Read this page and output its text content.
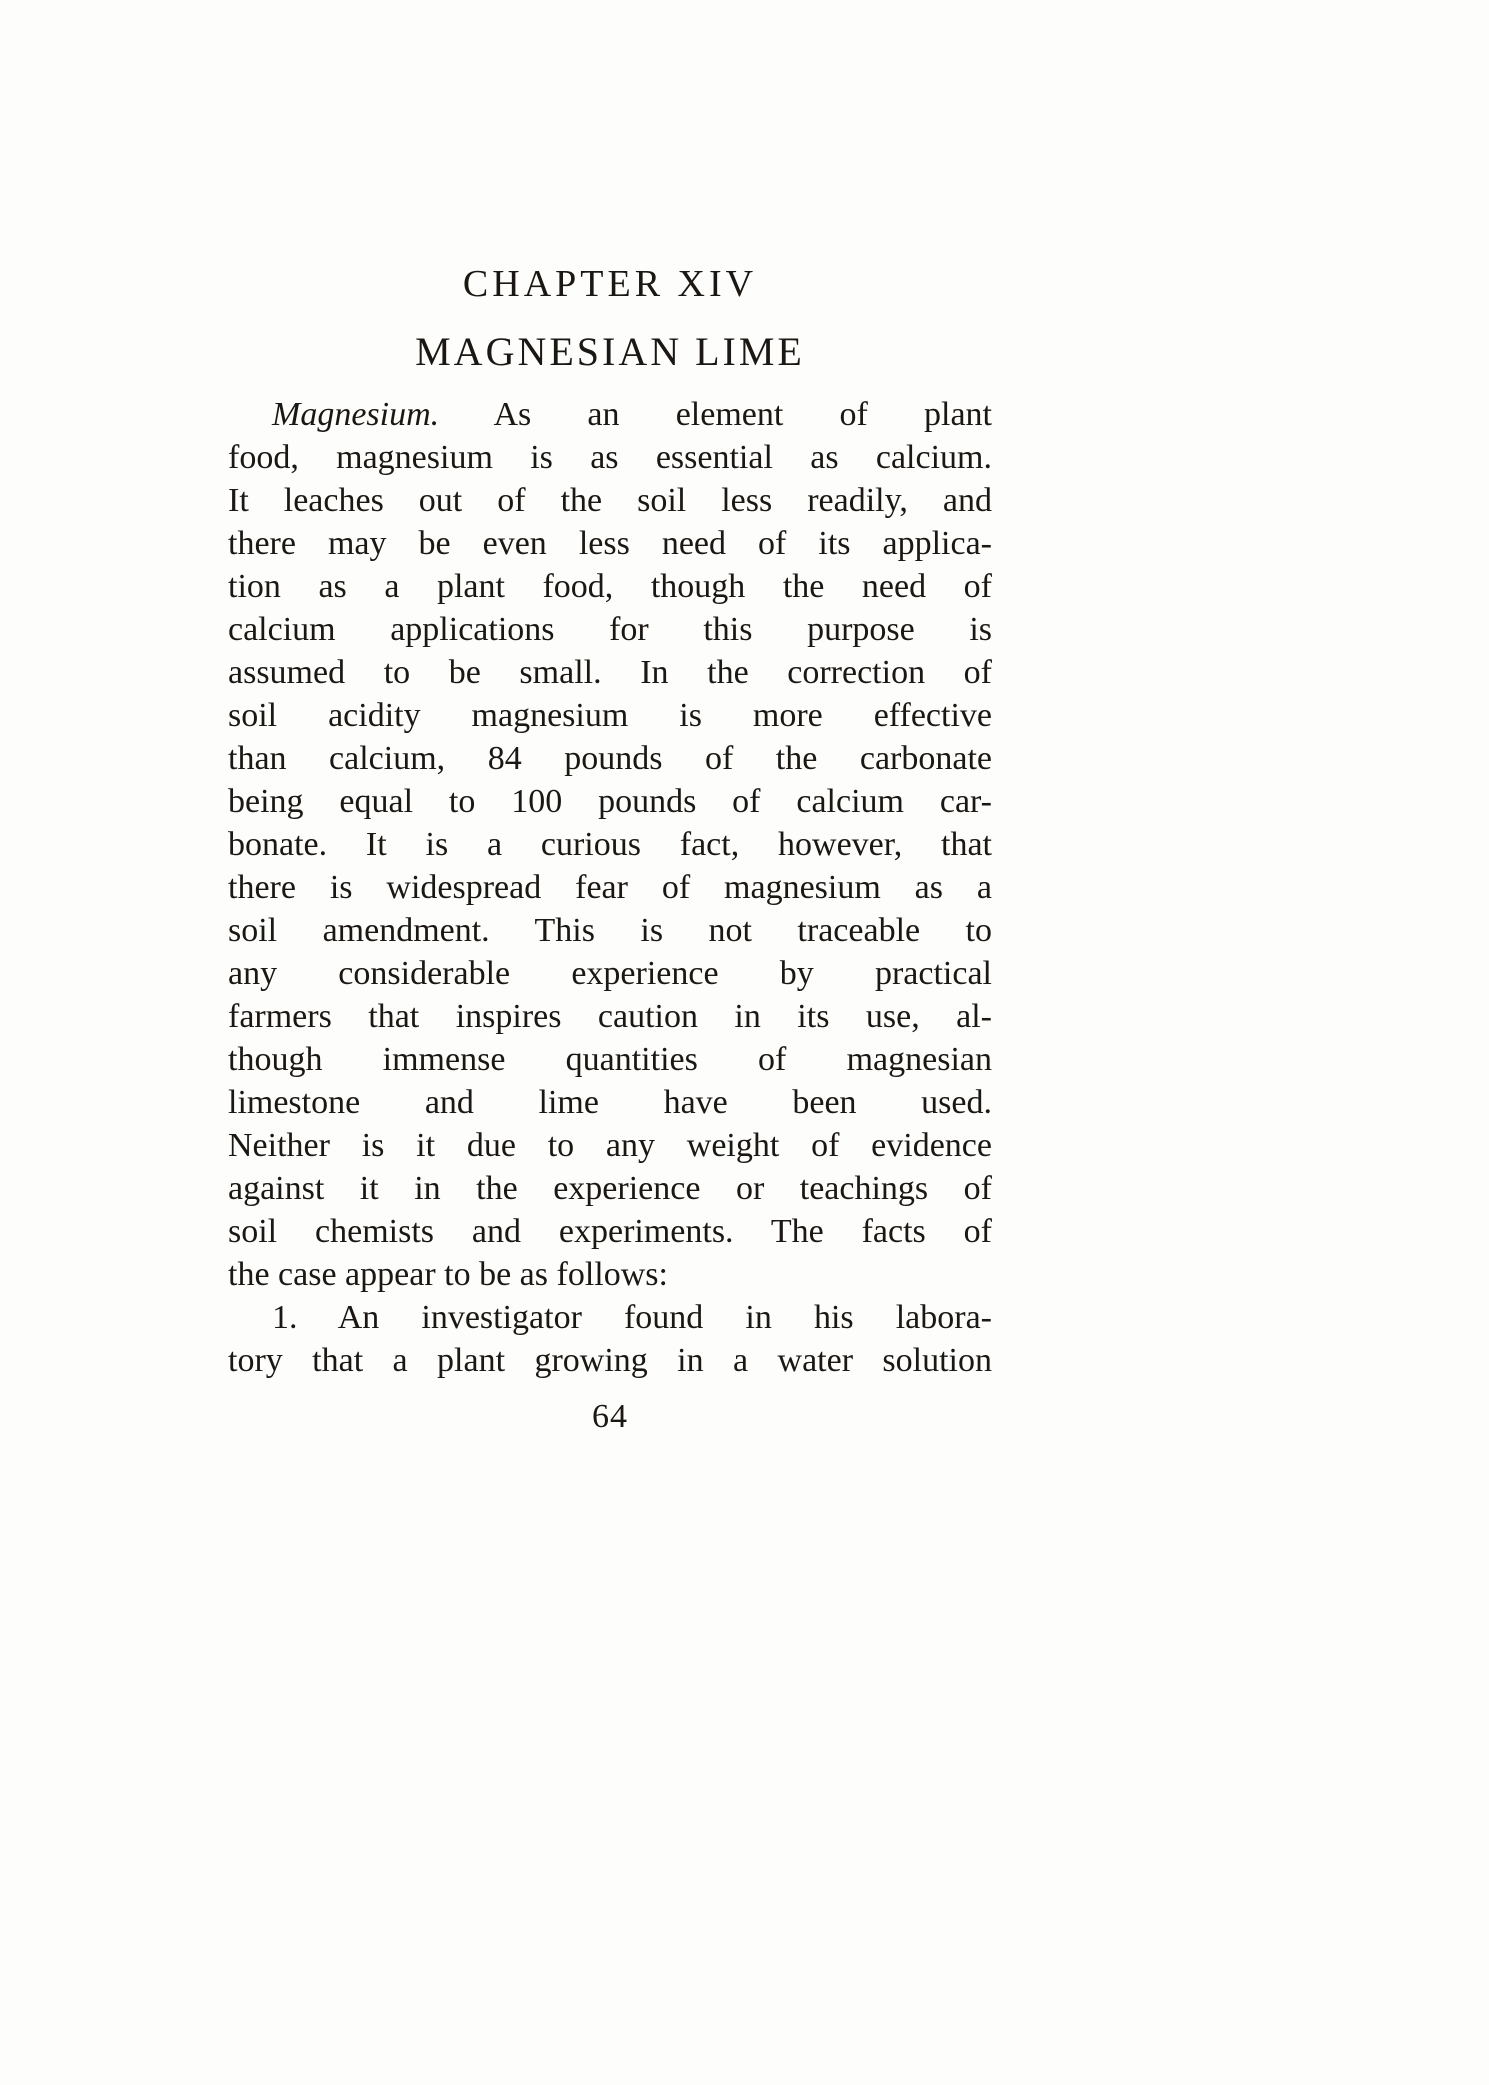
CHAPTER XIV
MAGNESIAN LIME
Magnesium. As an element of plant
food, magnesium is as essential as calcium.
It leaches out of the soil less readily, and
there may be even less need of its applica-
tion as a plant food, though the need of
calcium applications for this purpose is
assumed to be small. In the correction of
soil acidity magnesium is more effective
than calcium, 84 pounds of the carbonate
being equal to 100 pounds of calcium car-
bonate. It is a curious fact, however, that
there is widespread fear of magnesium as a
soil amendment. This is not traceable to
any considerable experience by practical
farmers that inspires caution in its use, al-
though immense quantities of magnesian
limestone and lime have been used.
Neither is it due to any weight of evidence
against it in the experience or teachings of
soil chemists and experiments. The facts of
the case appear to be as follows:
1. An investigator found in his labora-
tory that a plant growing in a water solution
64
